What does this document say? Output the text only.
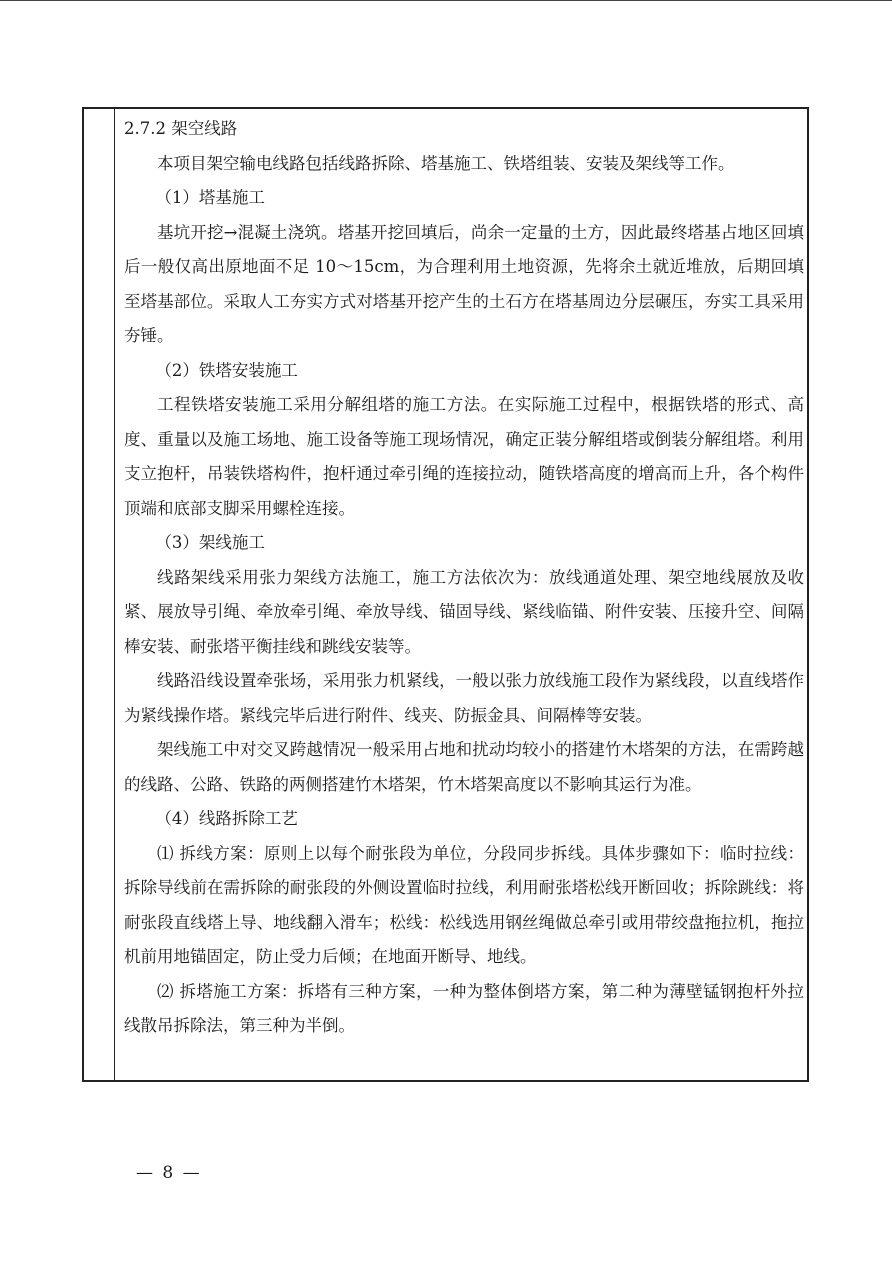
2.7.2 架空线路

本项目架空输电线路包括线路拆除、塔基施工、铁塔组装、安装及架线等工作。

（1）塔基施工

基坑开挖→混凝土浇筑。塔基开挖回填后，尚余一定量的土方，因此最终塔基占地区回填后一般仅高出原地面不足 10～15cm，为合理利用土地资源，先将余土就近堆放，后期回填至塔基部位。采取人工夯实方式对塔基开挖产生的土石方在塔基周边分层碾压，夯实工具采用夯锤。

（2）铁塔安装施工

工程铁塔安装施工采用分解组塔的施工方法。在实际施工过程中，根据铁塔的形式、高度、重量以及施工场地、施工设备等施工现场情况，确定正装分解组塔或倒装分解组塔。利用支立抱杆，吊装铁塔构件，抱杆通过牵引绳的连接拉动，随铁塔高度的增高而上升，各个构件顶端和底部支脚采用螺栓连接。

（3）架线施工

线路架线采用张力架线方法施工，施工方法依次为：放线通道处理、架空地线展放及收紧、展放导引绳、牵放牵引绳、牵放导线、锚固导线、紧线临锚、附件安装、压接升空、间隔棒安装、耐张塔平衡挂线和跳线安装等。

线路沿线设置牵张场，采用张力机紧线，一般以张力放线施工段作为紧线段，以直线塔作为紧线操作塔。紧线完毕后进行附件、线夹、防振金具、间隔棒等安装。

架线施工中对交叉跨越情况一般采用占地和扰动均较小的搭建竹木塔架的方法，在需跨越的线路、公路、铁路的两侧搭建竹木塔架，竹木塔架高度以不影响其运行为准。

（4）线路拆除工艺

⑴ 拆线方案：原则上以每个耐张段为单位，分段同步拆线。具体步骤如下：临时拉线：拆除导线前在需拆除的耐张段的外侧设置临时拉线，利用耐张塔松线开断回收；拆除跳线：将耐张段直线塔上导、地线翻入滑车；松线：松线选用钢丝绳做总牵引或用带绞盘拖拉机，拖拉机前用地锚固定，防止受力后倾；在地面开断导、地线。

⑵ 拆塔施工方案：拆塔有三种方案，一种为整体倒塔方案，第二种为薄壁锰钢抱杆外拉线散吊拆除法，第三种为半倒。

— 8 —
